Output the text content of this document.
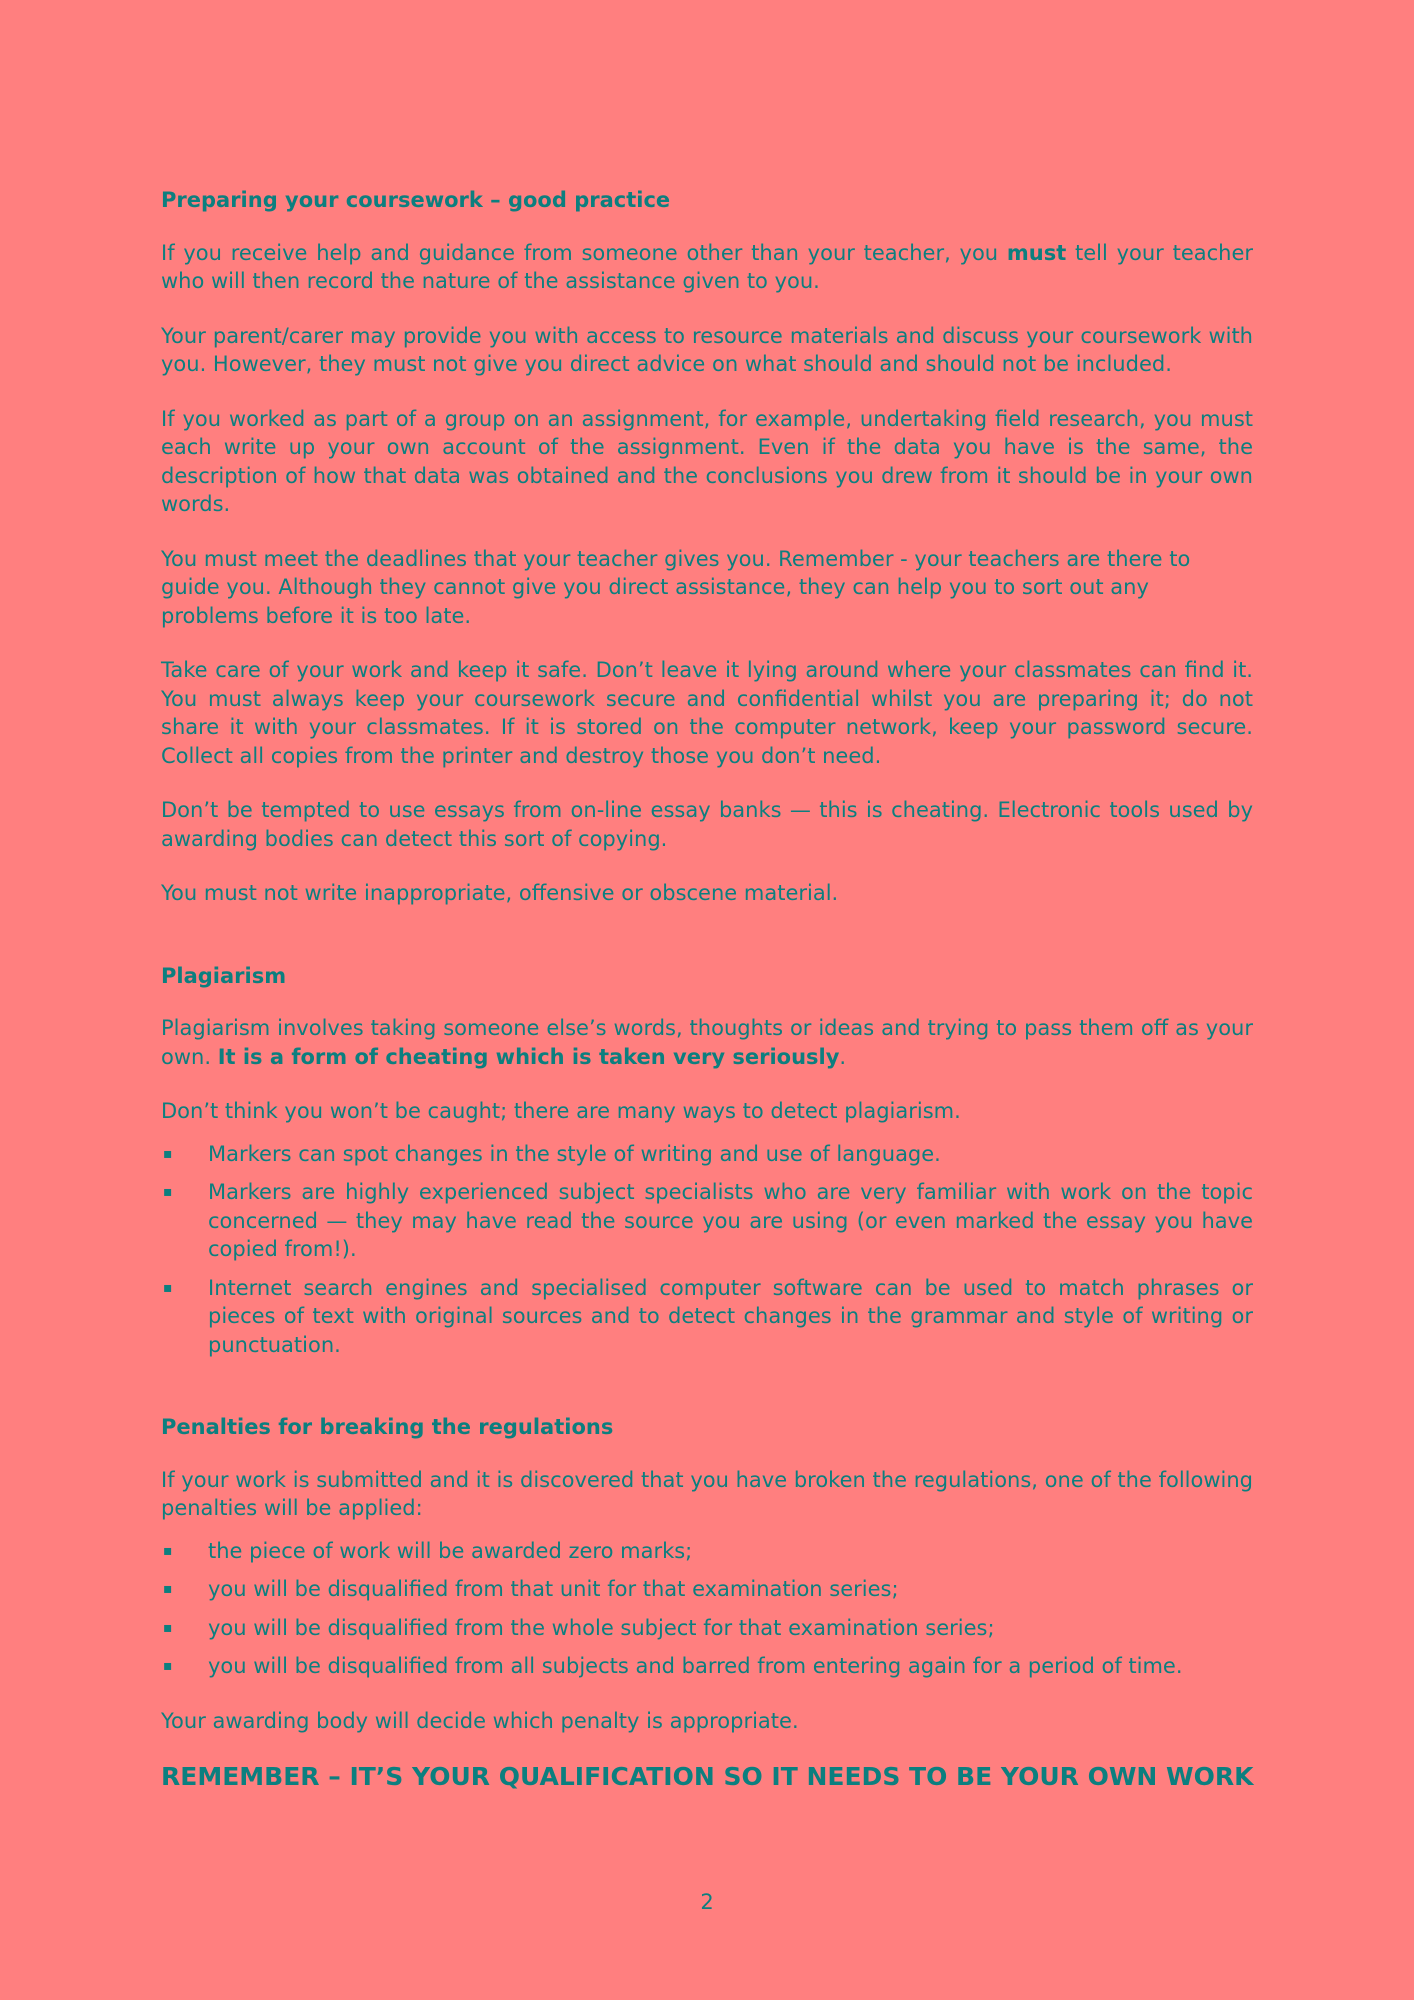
Preparing your coursework – good practice

If you receive help and guidance from someone other than your teacher, you must tell your teacher who will then record the nature of the assistance given to you.

Your parent/carer may provide you with access to resource materials and discuss your coursework with you. However, they must not give you direct advice on what should and should not be included.

If you worked as part of a group on an assignment, for example, undertaking field research, you must each write up your own account of the assignment. Even if the data you have is the same, the description of how that data was obtained and the conclusions you drew from it should be in your own words.

You must meet the deadlines that your teacher gives you. Remember - your teachers are there to guide you. Although they cannot give you direct assistance, they can help you to sort out any problems before it is too late.

Take care of your work and keep it safe. Don’t leave it lying around where your classmates can find it. You must always keep your coursework secure and confidential whilst you are preparing it; do not share it with your classmates. If it is stored on the computer network, keep your password secure. Collect all copies from the printer and destroy those you don’t need.

Don’t be tempted to use essays from on-line essay banks — this is cheating. Electronic tools used by awarding bodies can detect this sort of copying.

You must not write inappropriate, offensive or obscene material.

Plagiarism

Plagiarism involves taking someone else’s words, thoughts or ideas and trying to pass them off as your own. It is a form of cheating which is taken very seriously.

Don’t think you won’t be caught; there are many ways to detect plagiarism.

▪ Markers can spot changes in the style of writing and use of language.
▪ Markers are highly experienced subject specialists who are very familiar with work on the topic concerned — they may have read the source you are using (or even marked the essay you have copied from!).
▪ Internet search engines and specialised computer software can be used to match phrases or pieces of text with original sources and to detect changes in the grammar and style of writing or punctuation.
Penalties for breaking the regulations

If your work is submitted and it is discovered that you have broken the regulations, one of the following penalties will be applied:

▪ the piece of work will be awarded zero marks;
▪ you will be disqualified from that unit for that examination series;
▪ you will be disqualified from the whole subject for that examination series;
▪ you will be disqualified from all subjects and barred from entering again for a period of time.

Your awarding body will decide which penalty is appropriate.

REMEMBER – IT’S YOUR QUALIFICATION SO IT NEEDS TO BE YOUR OWN WORK
2
